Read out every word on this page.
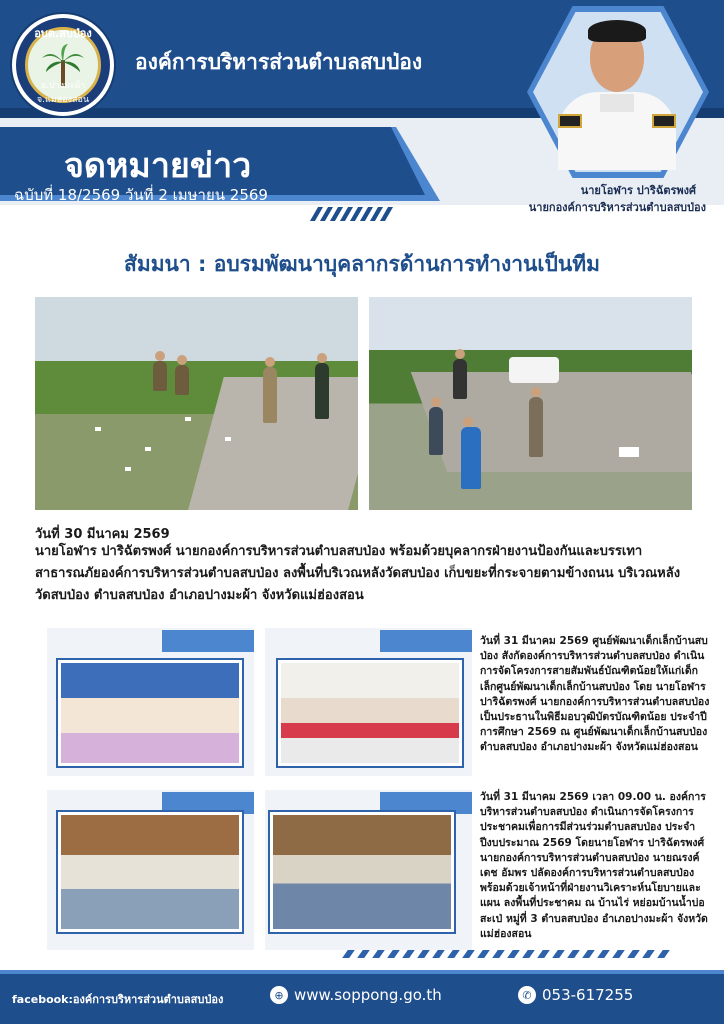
อบต.สบป่อง
อ.ปางมะผ้า จ.แม่ฮ่องสอน
องค์การบริหารส่วนตำบลสบป่อง
จดหมายข่าว
ฉบับที่ 18/2569 วันที่ 2 เมษายน 2569	นายโอฬาร ปาริฉัตรพงศ์
นายกองค์การบริหารส่วนตำบลสบป่อง
สัมมนา : อบรมพัฒนาบุคลากรด้านการทำงานเป็นทีม
วันที่ 30 มีนาคม 2569
นายโอฬาร ปาริฉัตรพงศ์ นายกองค์การบริหารส่วนตำบลสบป่อง พร้อมด้วยบุคลากรฝ่ายงานป้องกันและบรรเทาสาธารณภัยองค์การบริหารส่วนตำบลสบป่อง ลงพื้นที่บริเวณหลังวัดสบป่อง เก็บขยะที่กระจายตามข้างถนน บริเวณหลังวัดสบป่อง ตำบลสบป่อง อำเภอปางมะผ้า จังหวัดแม่ฮ่องสอน
วันที่ 31 มีนาคม 2569 ศูนย์พัฒนาเด็กเล็กบ้านสบป่อง สังกัดองค์การบริหารส่วนตำบลสบป่อง ดำเนินการจัดโครงการสายสัมพันธ์บัณฑิตน้อยให้แก่เด็กเล็กศูนย์พัฒนาเด็กเล็กบ้านสบป่อง โดย นายโอฬาร ปาริฉัตรพงศ์ นายกองค์การบริหารส่วนตำบลสบป่อง เป็นประธานในพิธีมอบวุฒิบัตรบัณฑิตน้อย ประจำปีการศึกษา 2569 ณ ศูนย์พัฒนาเด็กเล็กบ้านสบป่อง ตำบลสบป่อง อำเภอปางมะผ้า จังหวัดแม่ฮ่องสอน
วันที่ 31 มีนาคม 2569 เวลา 09.00 น. องค์การบริหารส่วนตำบลสบป่อง ดำเนินการจัดโครงการประชาคมเพื่อการมีส่วนร่วมตำบลสบป่อง ประจำปีงบประมาณ 2569 โดยนายโอฬาร ปาริฉัตรพงศ์ นายกองค์การบริหารส่วนตำบลสบป่อง นายณรงค์เดช อัมพร ปลัดองค์การบริหารส่วนตำบลสบป่อง พร้อมด้วยเจ้าหน้าที่ฝ่ายงานวิเคราะห์นโยบายและแผน ลงพื้นที่ประชาคม ณ บ้านไร่ หย่อมบ้านน้ำบ่อสะเป่ หมู่ที่ 3 ตำบลสบป่อง อำเภอปางมะผ้า จังหวัดแม่ฮ่องสอน
facebook:องค์การบริหารส่วนตำบลสบป่อง	⊕ www.soppong.go.th	✆ 053-617255
